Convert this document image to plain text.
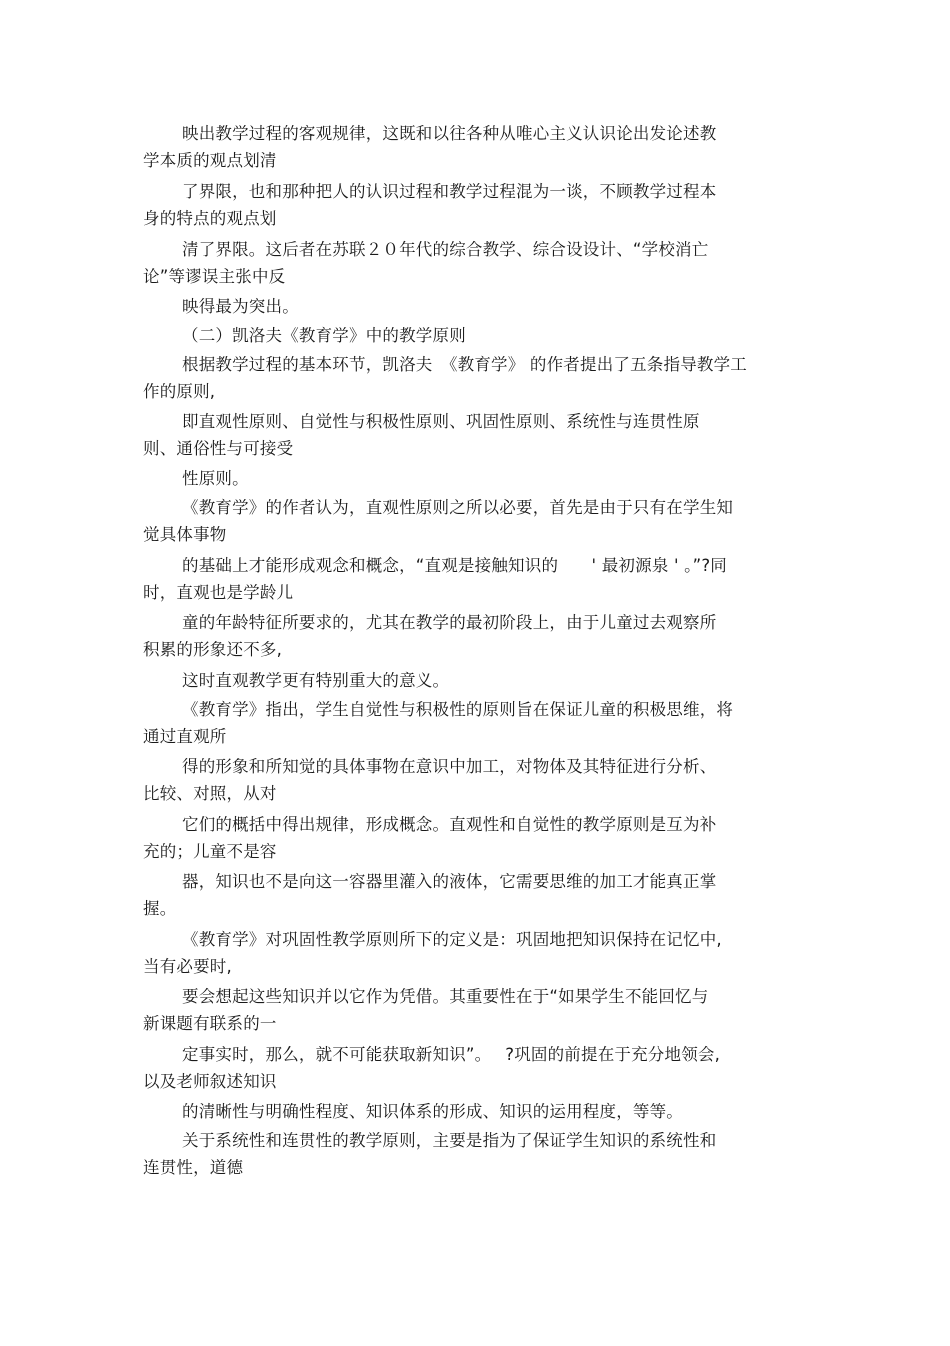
映出教学过程的客观规律，这既和以往各种从唯心主义认识论出发论述教
学本质的观点划清
了界限，也和那种把人的认识过程和教学过程混为一谈，不顾教学过程本
身的特点的观点划
清了界限。这后者在苏联２０年代的综合教学、综合设设计、“学校消亡
论”等谬误主张中反
映得最为突出。
（二）凯洛夫《教育学》中的教学原则
根据教学过程的基本环节，凯洛夫　《教育学》 的作者提出了五条指导教学工
作的原则,
即直观性原则、自觉性与积极性原则、巩固性原则、系统性与连贯性原
则、通俗性与可接受
性原则。
《教育学》的作者认为，直观性原则之所以必要，首先是由于只有在学生知
觉具体事物
的基础上才能形成观念和概念，“直观是接触知识的　　' 最初源泉 ' 。”?同
时，直观也是学龄儿
童的年龄特征所要求的，尤其在教学的最初阶段上，由于儿童过去观察所
积累的形象还不多,
这时直观教学更有特别重大的意义。
《教育学》指出，学生自觉性与积极性的原则旨在保证儿童的积极思维，将
通过直观所
得的形象和所知觉的具体事物在意识中加工，对物体及其特征进行分析、
比较、对照，从对
它们的概括中得出规律，形成概念。直观性和自觉性的教学原则是互为补
充的；儿童不是容
器，知识也不是向这一容器里灌入的液体，它需要思维的加工才能真正掌
握。
《教育学》对巩固性教学原则所下的定义是：巩固地把知识保持在记忆中,
当有必要时,
要会想起这些知识并以它作为凭借。其重要性在于“如果学生不能回忆与
新课题有联系的一
定事实时，那么，就不可能获取新知识”。　 ?巩固的前提在于充分地领会,
以及老师叙述知识
的清晰性与明确性程度、知识体系的形成、知识的运用程度，等等。
关于系统性和连贯性的教学原则，主要是指为了保证学生知识的系统性和
连贯性，道德
